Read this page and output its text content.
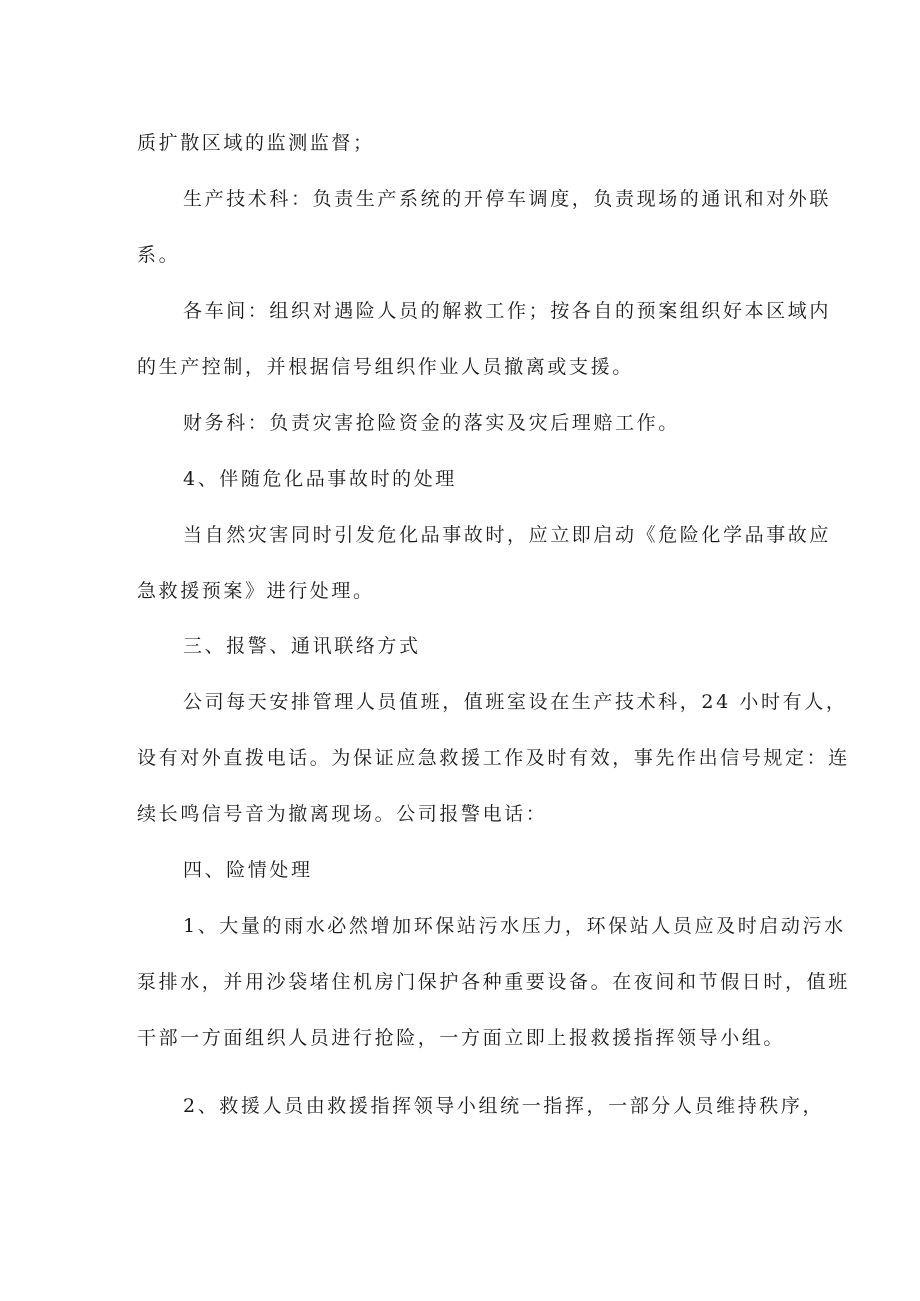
质扩散区域的监测监督；
生产技术科：负责生产系统的开停车调度，负责现场的通讯和对外联
系。
各车间：组织对遇险人员的解救工作；按各自的预案组织好本区域内
的生产控制，并根据信号组织作业人员撤离或支援。
财务科：负责灾害抢险资金的落实及灾后理赔工作。
4、伴随危化品事故时的处理
当自然灾害同时引发危化品事故时，应立即启动《危险化学品事故应
急救援预案》进行处理。
三、报警、通讯联络方式
公司每天安排管理人员值班，值班室设在生产技术科，24 小时有人，
设有对外直拨电话。为保证应急救援工作及时有效，事先作出信号规定：连
续长鸣信号音为撤离现场。公司报警电话：
四、险情处理
1、大量的雨水必然增加环保站污水压力，环保站人员应及时启动污水
泵排水，并用沙袋堵住机房门保护各种重要设备。在夜间和节假日时，值班
干部一方面组织人员进行抢险，一方面立即上报救援指挥领导小组。
2、救援人员由救援指挥领导小组统一指挥，一部分人员维持秩序，
